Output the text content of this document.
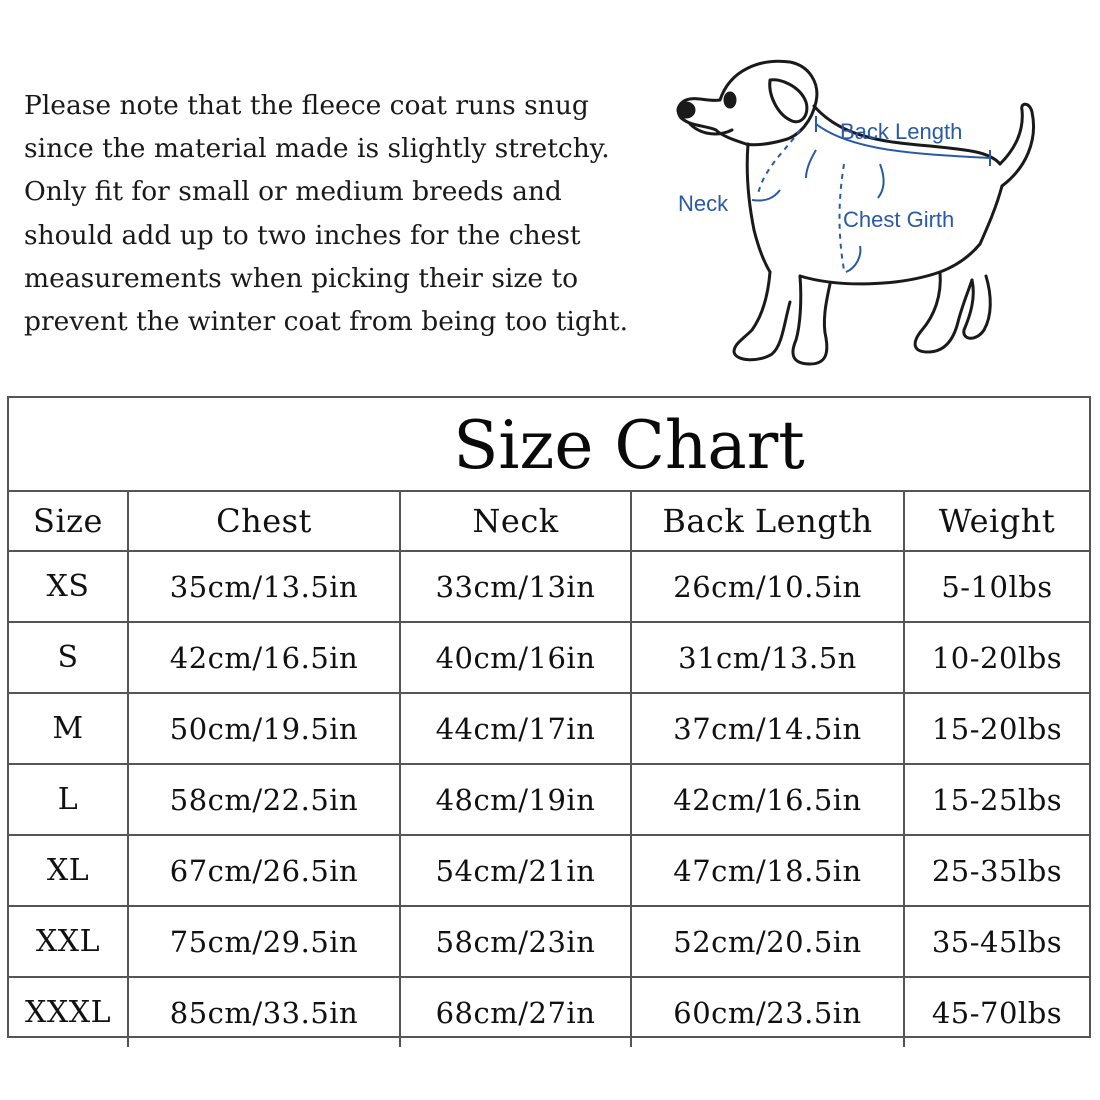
Please note that the fleece coat runs snug
since the material made is slightly stretchy.
Only fit for small or medium breeds and
should add up to two inches for the chest
measurements when picking their size to
prevent the winter coat from being too tight.

Back Length
Neck
Chest Girth
Size Chart
Size	Chest	Neck	Back Length	Weight
XS	35cm/13.5in	33cm/13in	26cm/10.5in	5-10lbs
S	42cm/16.5in	40cm/16in	31cm/13.5n	10-20lbs
M	50cm/19.5in	44cm/17in	37cm/14.5in	15-20lbs
L	58cm/22.5in	48cm/19in	42cm/16.5in	15-25lbs
XL	67cm/26.5in	54cm/21in	47cm/18.5in	25-35lbs
XXL	75cm/29.5in	58cm/23in	52cm/20.5in	35-45lbs
XXXL	85cm/33.5in	68cm/27in	60cm/23.5in	45-70lbs
